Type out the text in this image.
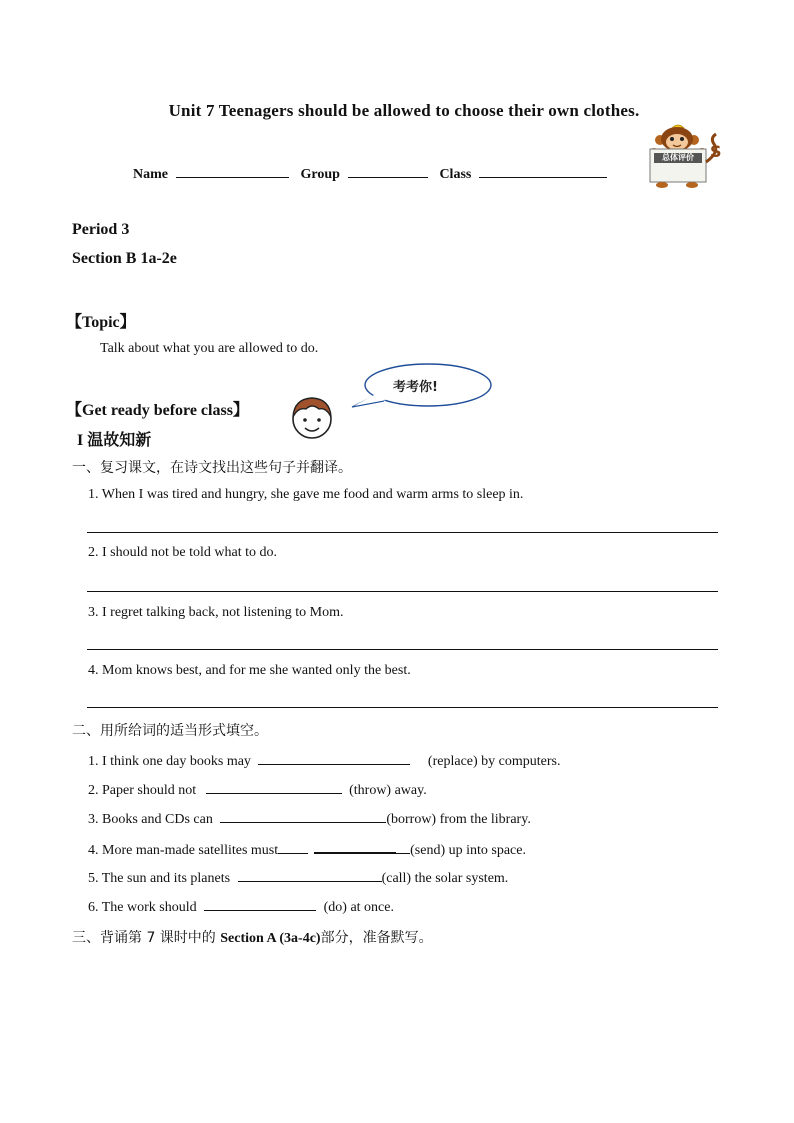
Unit 7 Teenagers should be allowed to choose their own clothes.
Name	Group	Class
总体评价	S
Period 3
Section B 1a-2e
【Topic】
Talk about what you are allowed to do.
考考你!
【Get ready before class】
I 温故知新
一、复习课文，在诗文找出这些句子并翻译。
1. When I was tired and hungry, she gave me food and warm arms to sleep in.
2. I should not be told what to do.
3. I regret talking back, not listening to Mom.
4. Mom knows best, and for me she wanted only the best.
二、用所给词的适当形式填空。
1. I think one day books may	(replace) by computers.
2. Paper should not	(throw) away.
3. Books and CDs can	(borrow) from the library.
4. More man-made satellites must	(send) up into space.
5. The sun and its planets	(call) the solar system.
6. The work should	(do) at once.
三、背诵第 7 课时中的 Section A (3a-4c)部分，准备默写。
